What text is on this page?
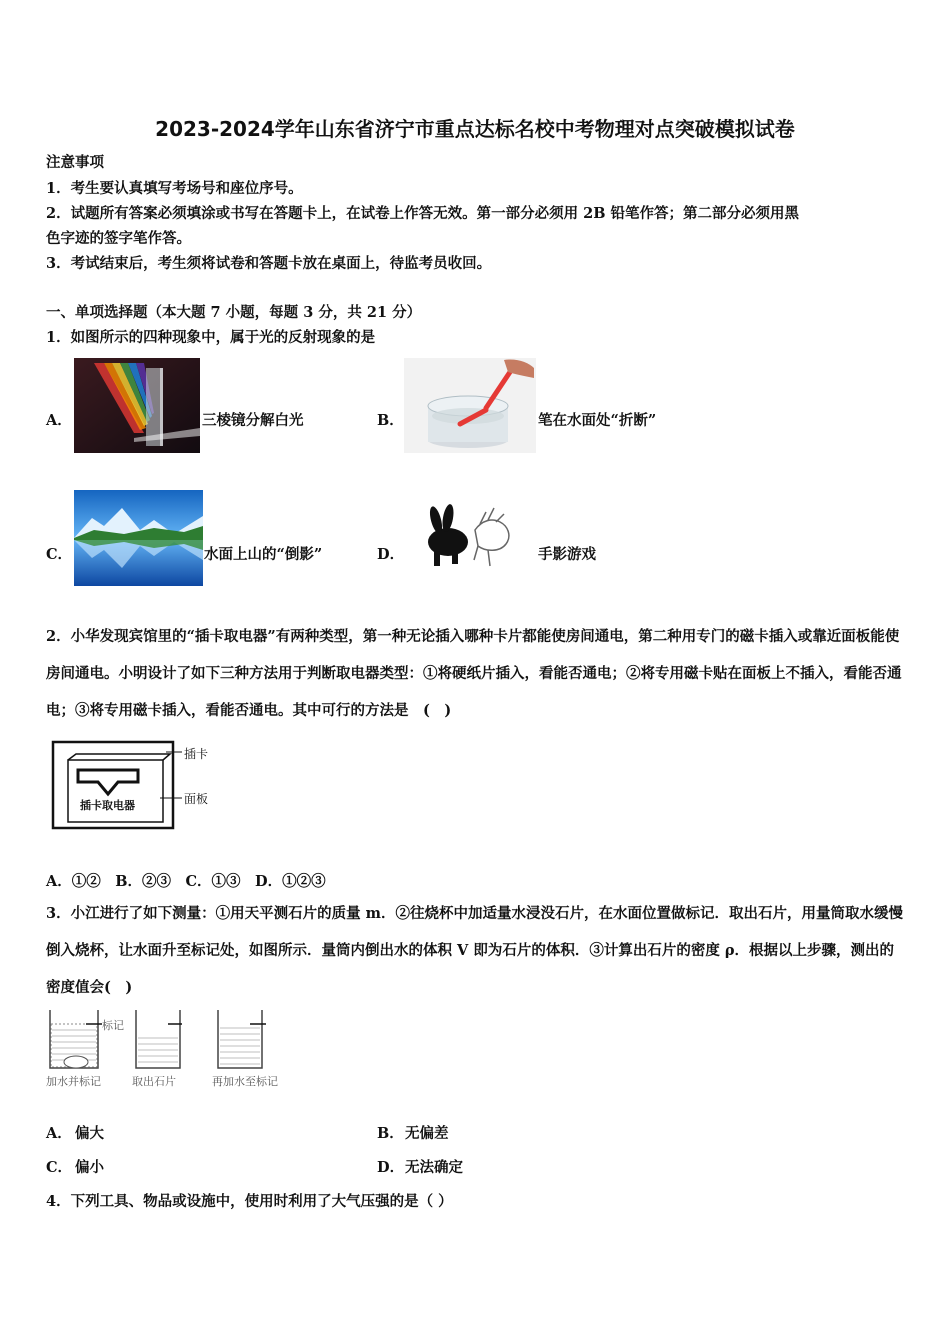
2023-2024学年山东省济宁市重点达标名校中考物理对点突破模拟试卷
注意事项
1．考生要认真填写考场号和座位序号。
2．试题所有答案必须填涂或书写在答题卡上，在试卷上作答无效。第一部分必须用 2B 铅笔作答；第二部分必须用黑
色字迹的签字笔作答。
3．考试结束后，考生须将试卷和答题卡放在桌面上，待监考员收回。
一、单项选择题（本大题 7 小题，每题 3 分，共 21 分）
1．如图所示的四种现象中，属于光的反射现象的是
A．	三棱镜分解白光	B．	笔在水面处“折断”
C．	水面上山的“倒影”	D．	手影游戏
2．小华发现宾馆里的“插卡取电器”有两种类型，第一种无论插入哪种卡片都能使房间通电，第二种用专门的磁卡插入或靠近面板能使房间通电。小明设计了如下三种方法用于判断取电器类型：①将硬纸片插入，看能否通电；②将专用磁卡贴在面板上不插入，看能否通电；③将专用磁卡插入，看能否通电。其中可行的方法是　(　)
插卡
面板
插卡取电器
A．①②　B．②③　C．①③　D．①②③
3．小江进行了如下测量：①用天平测石片的质量 m．②往烧杯中加适量水浸没石片，在水面位置做标记．取出石片，用量筒取水缓慢倒入烧杯，让水面升至标记处，如图所示．量筒内倒出水的体积 V 即为石片的体积．③计算出石片的密度 ρ．根据以上步骤，测出的密度值会(　)
标记
加水并标记	取出石片	再加水至标记
A． 偏大	B． 无偏差
C． 偏小	D． 无法确定
4．下列工具、物品或设施中，使用时利用了大气压强的是（ ）
